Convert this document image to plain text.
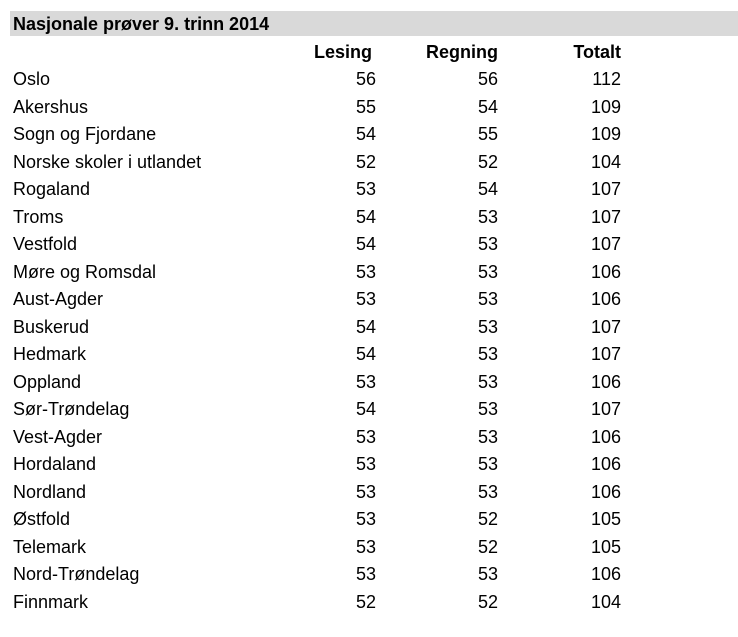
Nasjonale prøver 9. trinn 2014
Lesing	Regning	Totalt
Oslo	56	56	112
Akershus	55	54	109
Sogn og Fjordane	54	55	109
Norske skoler i utlandet	52	52	104
Rogaland	53	54	107
Troms	54	53	107
Vestfold	54	53	107
Møre og Romsdal	53	53	106
Aust-Agder	53	53	106
Buskerud	54	53	107
Hedmark	54	53	107
Oppland	53	53	106
Sør-Trøndelag	54	53	107
Vest-Agder	53	53	106
Hordaland	53	53	106
Nordland	53	53	106
Østfold	53	52	105
Telemark	53	52	105
Nord-Trøndelag	53	53	106
Finnmark	52	52	104
